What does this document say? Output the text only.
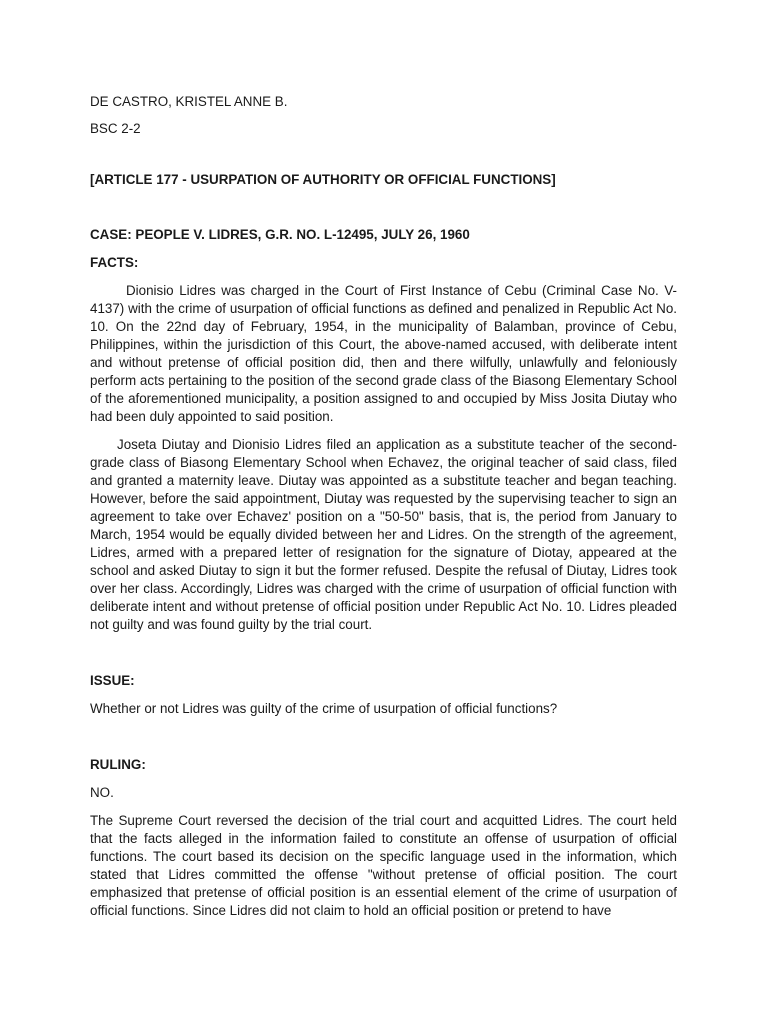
DE CASTRO, KRISTEL ANNE B.

BSC 2-2

[ARTICLE 177 - USURPATION OF AUTHORITY OR OFFICIAL FUNCTIONS]

CASE: PEOPLE V. LIDRES, G.R. NO. L-12495, JULY 26, 1960

FACTS:

Dionisio Lidres was charged in the Court of First Instance of Cebu (Criminal Case No. V-4137) with the crime of usurpation of official functions as defined and penalized in Republic Act No. 10. On the 22nd day of February, 1954, in the municipality of Balamban, province of Cebu, Philippines, within the jurisdiction of this Court, the above-named accused, with deliberate intent and without pretense of official position did, then and there wilfully, unlawfully and feloniously perform acts pertaining to the position of the second grade class of the Biasong Elementary School of the aforementioned municipality, a position assigned to and occupied by Miss Josita Diutay who had been duly appointed to said position.

Joseta Diutay and Dionisio Lidres filed an application as a substitute teacher of the second-grade class of Biasong Elementary School when Echavez, the original teacher of said class, filed and granted a maternity leave. Diutay was appointed as a substitute teacher and began teaching. However, before the said appointment, Diutay was requested by the supervising teacher to sign an agreement to take over Echavez' position on a "50-50" basis, that is, the period from January to March, 1954 would be equally divided between her and Lidres. On the strength of the agreement, Lidres, armed with a prepared letter of resignation for the signature of Diotay, appeared at the school and asked Diutay to sign it but the former refused. Despite the refusal of Diutay, Lidres took over her class. Accordingly, Lidres was charged with the crime of usurpation of official function with deliberate intent and without pretense of official position under Republic Act No. 10. Lidres pleaded not guilty and was found guilty by the trial court.

ISSUE:

Whether or not Lidres was guilty of the crime of usurpation of official functions?

RULING:

NO.

The Supreme Court reversed the decision of the trial court and acquitted Lidres. The court held that the facts alleged in the information failed to constitute an offense of usurpation of official functions. The court based its decision on the specific language used in the information, which stated that Lidres committed the offense "without pretense of official position. The court emphasized that pretense of official position is an essential element of the crime of usurpation of official functions. Since Lidres did not claim to hold an official position or pretend to have
